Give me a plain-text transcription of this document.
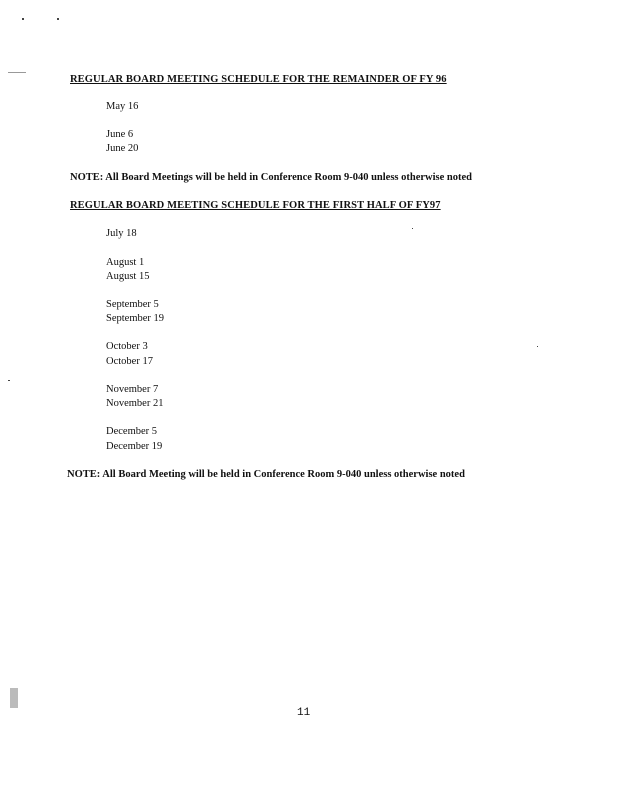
REGULAR BOARD MEETING SCHEDULE FOR THE REMAINDER OF FY 96
May 16
June 6
June 20
NOTE: All Board Meetings will be held in Conference Room 9-040 unless otherwise noted
REGULAR BOARD MEETING SCHEDULE FOR THE FIRST HALF OF FY97
July 18
August 1
August 15
September 5
September 19
October 3
October 17
November 7
November 21
December 5
December 19
NOTE: All Board Meeting will be held in Conference Room 9-040 unless otherwise noted
11
